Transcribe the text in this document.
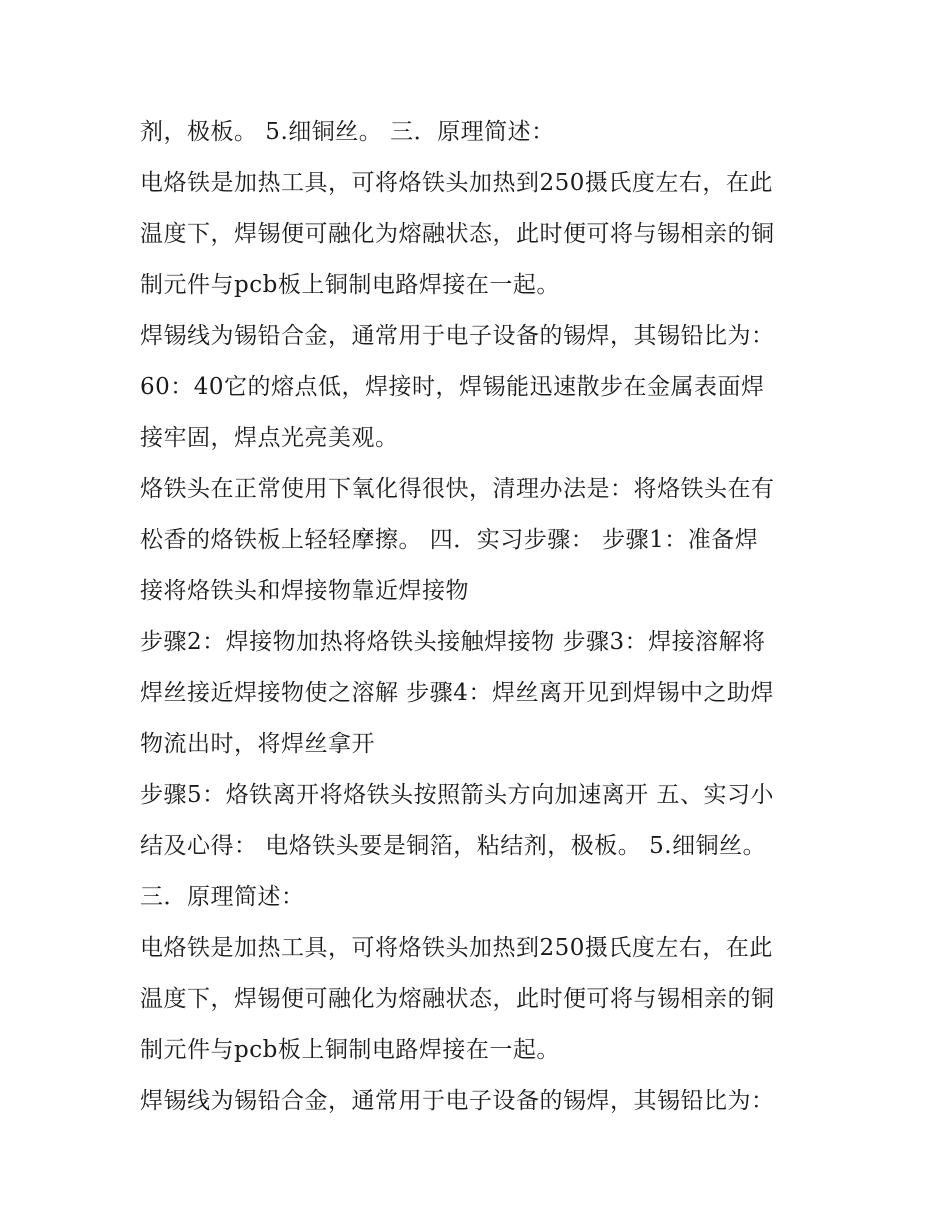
剂，极板。 5.细铜丝。 三．原理简述：
电烙铁是加热工具，可将烙铁头加热到250摄氏度左右，在此
温度下，焊锡便可融化为熔融状态，此时便可将与锡相亲的铜
制元件与pcb板上铜制电路焊接在一起。
焊锡线为锡铅合金，通常用于电子设备的锡焊，其锡铅比为：
60：40它的熔点低，焊接时，焊锡能迅速散步在金属表面焊
接牢固，焊点光亮美观。
烙铁头在正常使用下氧化得很快，清理办法是：将烙铁头在有
松香的烙铁板上轻轻摩擦。 四．实习步骤： 步骤1：准备焊
接将烙铁头和焊接物靠近焊接物
步骤2：焊接物加热将烙铁头接触焊接物 步骤3：焊接溶解将
焊丝接近焊接物使之溶解 步骤4：焊丝离开见到焊锡中之助焊
物流出时，将焊丝拿开
步骤5：烙铁离开将烙铁头按照箭头方向加速离开 五、实习小
结及心得： 电烙铁头要是铜箔，粘结剂，极板。 5.细铜丝。
三．原理简述：
电烙铁是加热工具，可将烙铁头加热到250摄氏度左右，在此
温度下，焊锡便可融化为熔融状态，此时便可将与锡相亲的铜
制元件与pcb板上铜制电路焊接在一起。
焊锡线为锡铅合金，通常用于电子设备的锡焊，其锡铅比为：
